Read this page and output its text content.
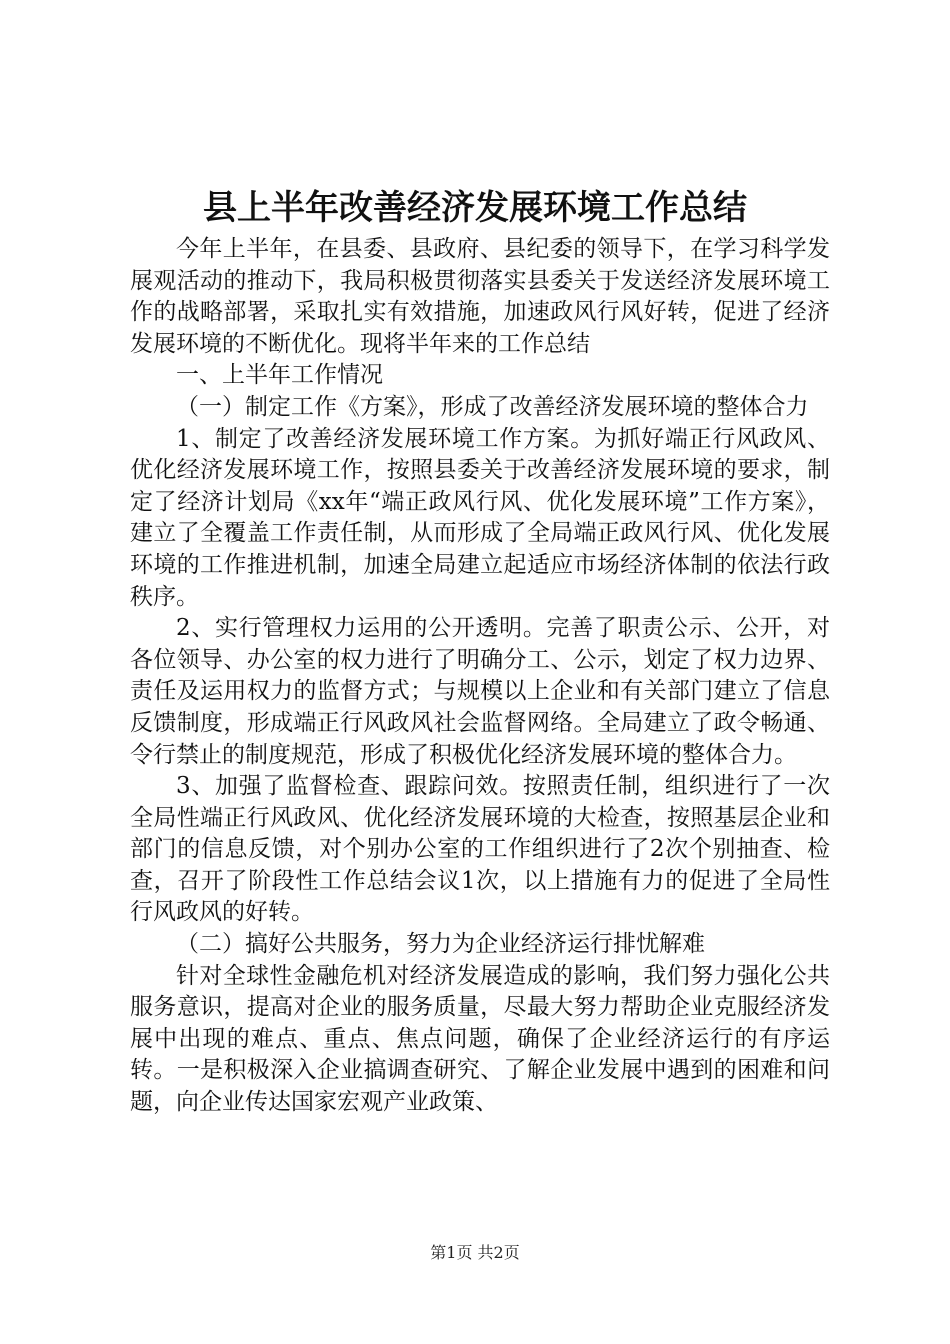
县上半年改善经济发展环境工作总结

今年上半年，在县委、县政府、县纪委的领导下，在学习科学发展观活动的推动下，我局积极贯彻落实县委关于发送经济发展环境工作的战略部署，采取扎实有效措施，加速政风行风好转，促进了经济发展环境的不断优化。现将半年来的工作总结

一、上半年工作情况

（一）制定工作《方案》，形成了改善经济发展环境的整体合力

1、制定了改善经济发展环境工作方案。为抓好端正行风政风、优化经济发展环境工作，按照县委关于改善经济发展环境的要求，制定了经济计划局《xx年“端正政风行风、优化发展环境”工作方案》，建立了全覆盖工作责任制，从而形成了全局端正政风行风、优化发展环境的工作推进机制，加速全局建立起适应市场经济体制的依法行政秩序。

2、实行管理权力运用的公开透明。完善了职责公示、公开，对各位领导、办公室的权力进行了明确分工、公示，划定了权力边界、责任及运用权力的监督方式；与规模以上企业和有关部门建立了信息反馈制度，形成端正行风政风社会监督网络。全局建立了政令畅通、令行禁止的制度规范，形成了积极优化经济发展环境的整体合力。

3、加强了监督检查、跟踪问效。按照责任制，组织进行了一次全局性端正行风政风、优化经济发展环境的大检查，按照基层企业和部门的信息反馈，对个别办公室的工作组织进行了2次个别抽查、检查，召开了阶段性工作总结会议1次，以上措施有力的促进了全局性行风政风的好转。

（二）搞好公共服务，努力为企业经济运行排忧解难

针对全球性金融危机对经济发展造成的影响，我们努力强化公共服务意识，提高对企业的服务质量，尽最大努力帮助企业克服经济发展中出现的难点、重点、焦点问题，确保了企业经济运行的有序运转。一是积极深入企业搞调查研究、了解企业发展中遇到的困难和问题，向企业传达国家宏观产业政策、

第1页 共2页
